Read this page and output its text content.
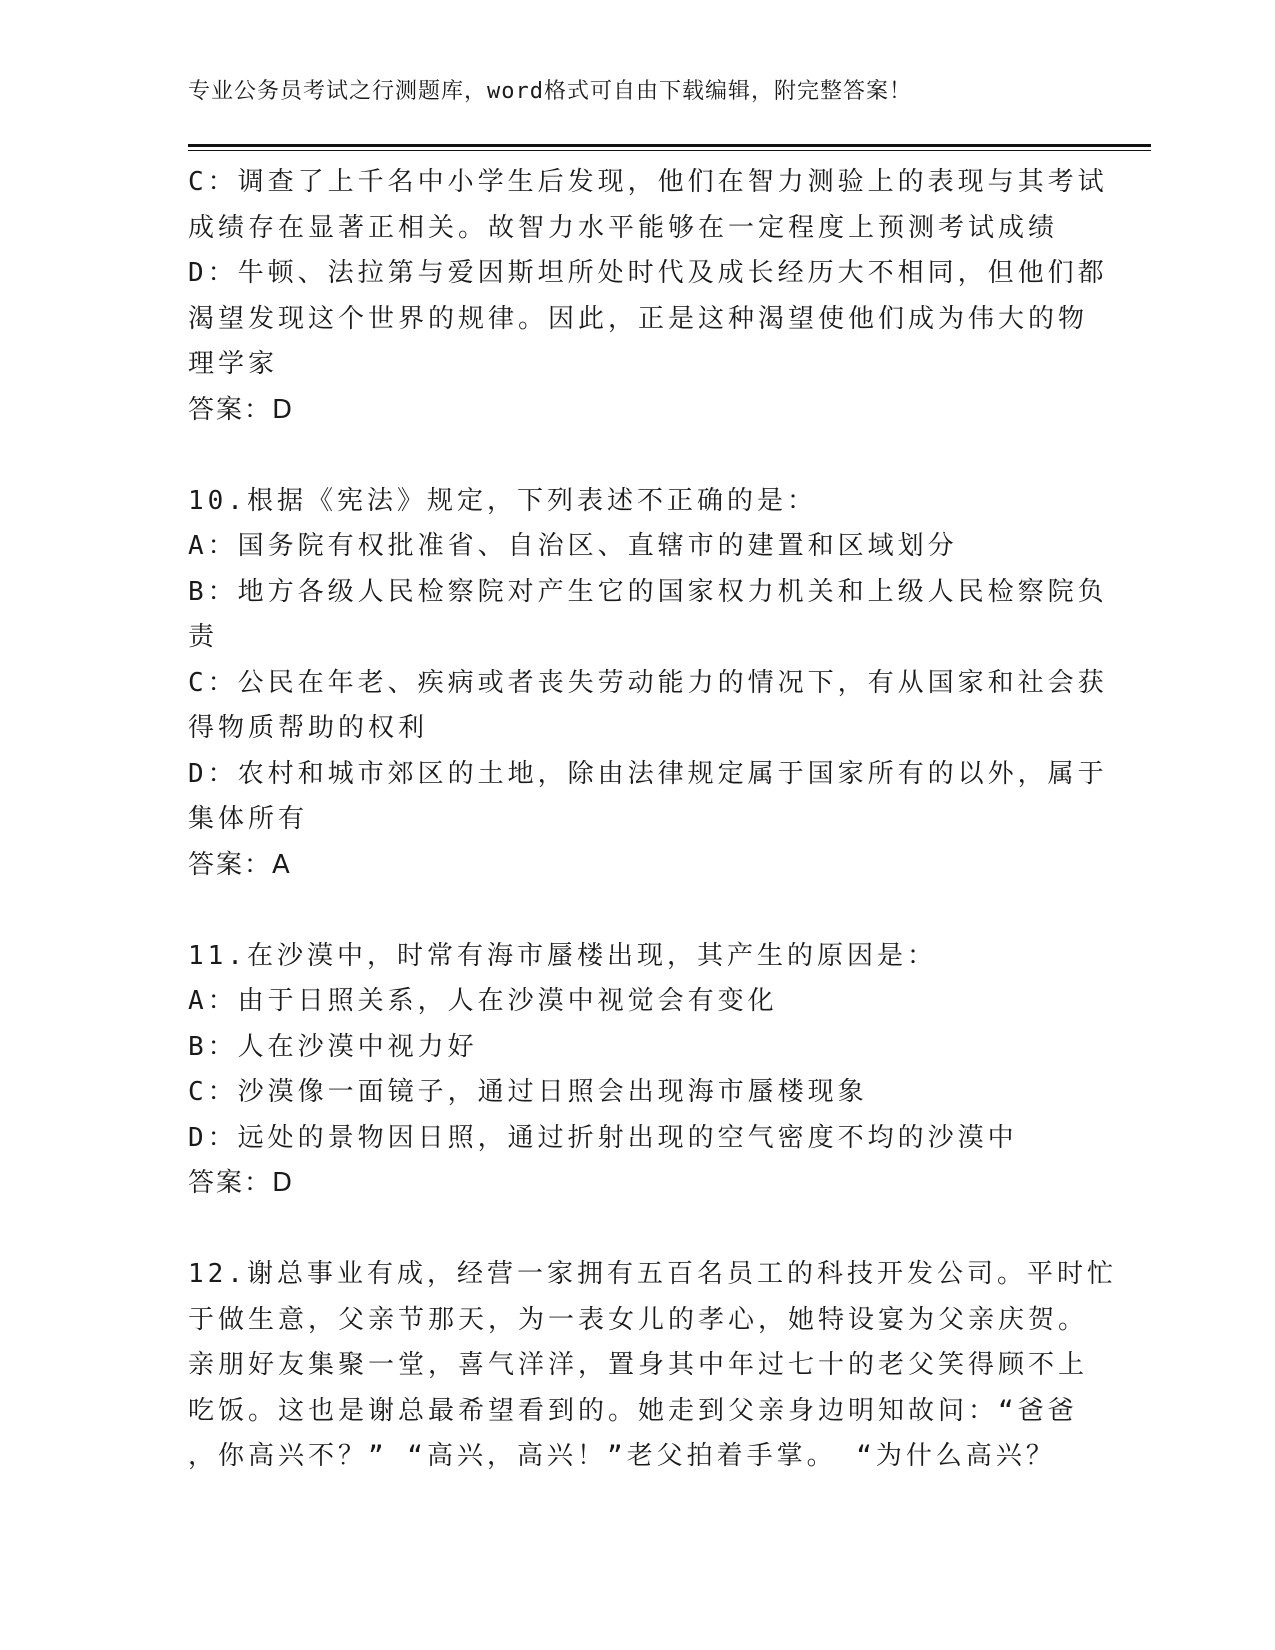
专业公务员考试之行测题库，word格式可自由下载编辑，附完整答案！
C：调查了上千名中小学生后发现，他们在智力测验上的表现与其考试
成绩存在显著正相关。故智力水平能够在一定程度上预测考试成绩
D：牛顿、法拉第与爱因斯坦所处时代及成长经历大不相同，但他们都
渴望发现这个世界的规律。因此，正是这种渴望使他们成为伟大的物
理学家
答案：D
10.根据《宪法》规定，下列表述不正确的是：
A：国务院有权批准省、自治区、直辖市的建置和区域划分
B：地方各级人民检察院对产生它的国家权力机关和上级人民检察院负
责
C：公民在年老、疾病或者丧失劳动能力的情况下，有从国家和社会获
得物质帮助的权利
D：农村和城市郊区的土地，除由法律规定属于国家所有的以外，属于
集体所有
答案：A
11.在沙漠中，时常有海市蜃楼出现，其产生的原因是：
A：由于日照关系，人在沙漠中视觉会有变化
B：人在沙漠中视力好
C：沙漠像一面镜子，通过日照会出现海市蜃楼现象
D：远处的景物因日照，通过折射出现的空气密度不均的沙漠中
答案：D
12.谢总事业有成，经营一家拥有五百名员工的科技开发公司。平时忙
于做生意，父亲节那天，为一表女儿的孝心，她特设宴为父亲庆贺。
亲朋好友集聚一堂，喜气洋洋，置身其中年过七十的老父笑得顾不上
吃饭。这也是谢总最希望看到的。她走到父亲身边明知故问：“爸爸
，你高兴不？” “高兴，高兴！”老父拍着手掌。 “为什么高兴？
